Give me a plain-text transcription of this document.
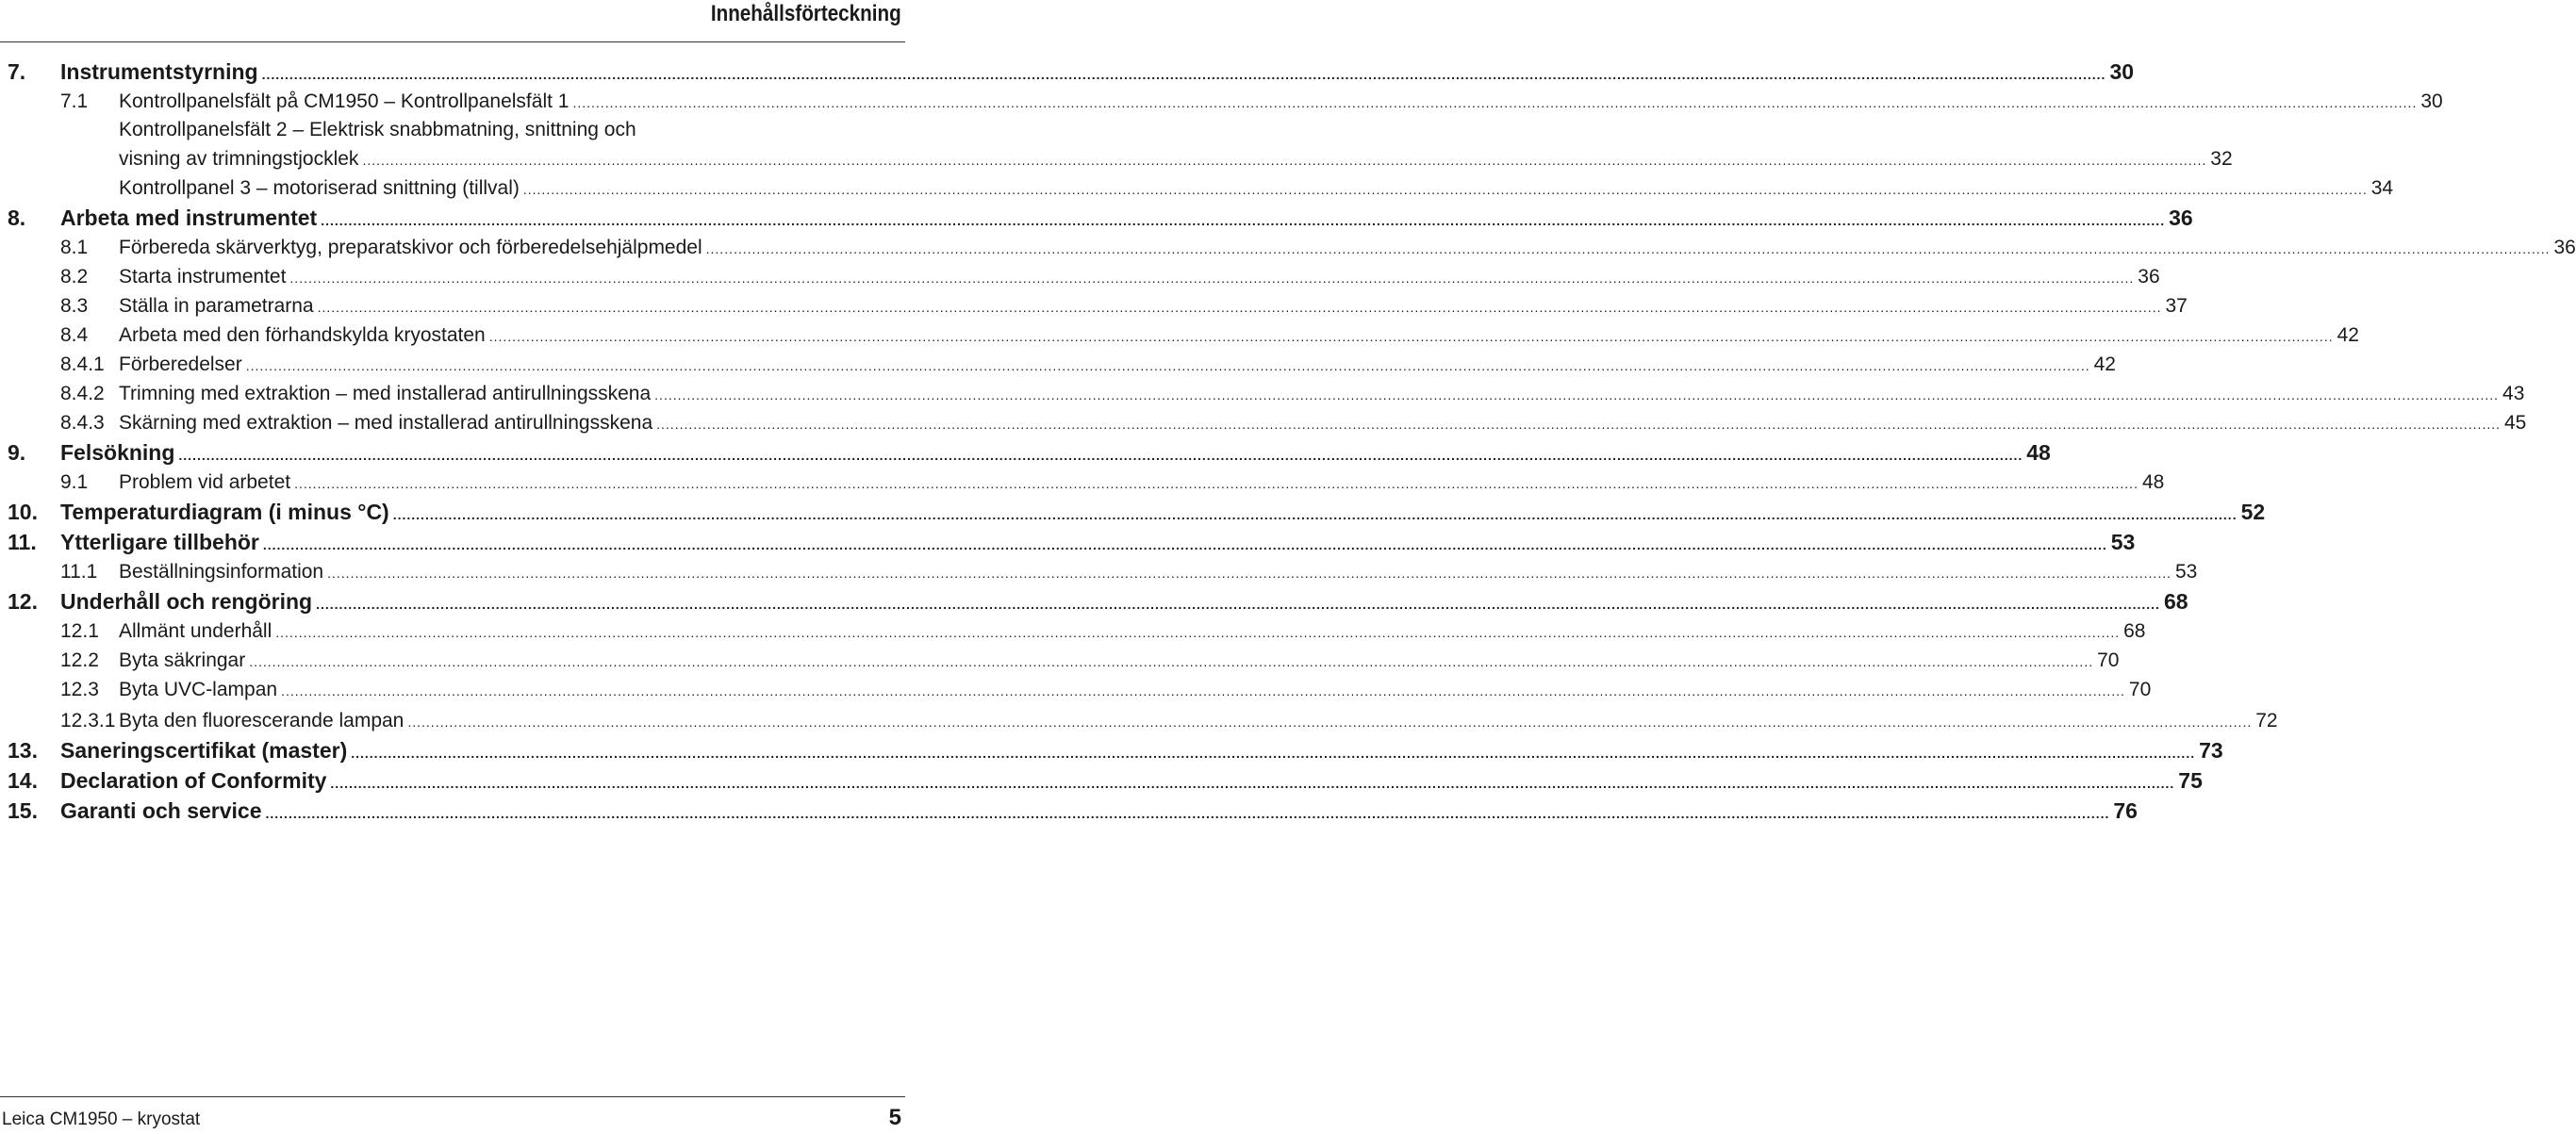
Innehållsförteckning
7. Instrumentstyrning ................................................................................................................................................................................................................................................................................................................................................................................................................ 30
7.1 Kontrollpanelsfält på CM1950 – Kontrollpanelsfält 1 ................................................................................................................................................................................................................................................................................................................................................................................................................ 30
Kontrollpanelsfält 2 – Elektrisk snabbmatning, snittning och
visning av trimningstjocklek ................................................................................................................................................................................................................................................................................................................................................................................................................ 32
Kontrollpanel 3 – motoriserad snittning (tillval) ................................................................................................................................................................................................................................................................................................................................................................................................................ 34
8. Arbeta med instrumentet ................................................................................................................................................................................................................................................................................................................................................................................................................ 36
8.1 Förbereda skärverktyg, preparatskivor och förberedelsehjälpmedel ................................................................................................................................................................................................................................................................................................................................................................................................................ 36
8.2 Starta instrumentet ................................................................................................................................................................................................................................................................................................................................................................................................................ 36
8.3 Ställa in parametrarna ................................................................................................................................................................................................................................................................................................................................................................................................................ 37
8.4 Arbeta med den förhandskylda kryostaten ................................................................................................................................................................................................................................................................................................................................................................................................................ 42
8.4.1 Förberedelser ................................................................................................................................................................................................................................................................................................................................................................................................................ 42
8.4.2 Trimning med extraktion – med installerad antirullningsskena ................................................................................................................................................................................................................................................................................................................................................................................................................ 43
8.4.3 Skärning med extraktion – med installerad antirullningsskena ................................................................................................................................................................................................................................................................................................................................................................................................................ 45
9. Felsökning ................................................................................................................................................................................................................................................................................................................................................................................................................ 48
9.1 Problem vid arbetet ................................................................................................................................................................................................................................................................................................................................................................................................................ 48
10. Temperaturdiagram (i minus °C) ................................................................................................................................................................................................................................................................................................................................................................................................................ 52
11. Ytterligare tillbehör ................................................................................................................................................................................................................................................................................................................................................................................................................ 53
11.1 Beställningsinformation ................................................................................................................................................................................................................................................................................................................................................................................................................ 53
12. Underhåll och rengöring ................................................................................................................................................................................................................................................................................................................................................................................................................ 68
12.1 Allmänt underhåll ................................................................................................................................................................................................................................................................................................................................................................................................................ 68
12.2 Byta säkringar ................................................................................................................................................................................................................................................................................................................................................................................................................ 70
12.3 Byta UVC-lampan ................................................................................................................................................................................................................................................................................................................................................................................................................ 70
12.3.1 Byta den fluorescerande lampan ................................................................................................................................................................................................................................................................................................................................................................................................................ 72
13. Saneringscertifikat (master) ................................................................................................................................................................................................................................................................................................................................................................................................................ 73
14. Declaration of Conformity ................................................................................................................................................................................................................................................................................................................................................................................................................ 75
15. Garanti och service ................................................................................................................................................................................................................................................................................................................................................................................................................ 76
Leica CM1950 – kryostat	5
